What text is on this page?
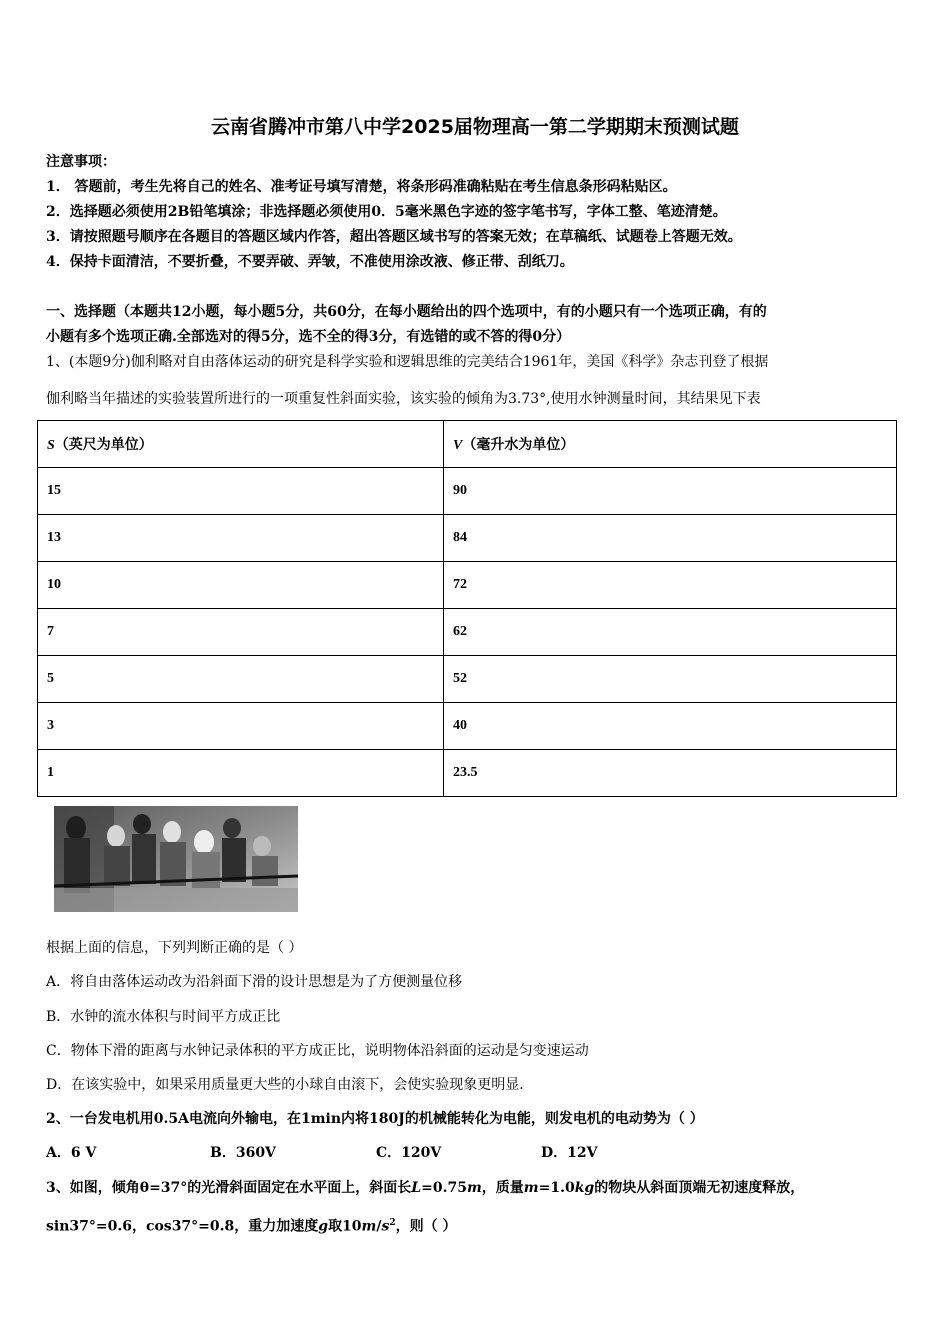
云南省腾冲市第八中学2025届物理高一第二学期期末预测试题
注意事项：
1． 答题前，考生先将自己的姓名、准考证号填写清楚，将条形码准确粘贴在考生信息条形码粘贴区。
2．选择题必须使用2B铅笔填涂；非选择题必须使用0．5毫米黑色字迹的签字笔书写，字体工整、笔迹清楚。
3．请按照题号顺序在各题目的答题区域内作答，超出答题区域书写的答案无效；在草稿纸、试题卷上答题无效。
4．保持卡面清洁，不要折叠，不要弄破、弄皱，不准使用涂改液、修正带、刮纸刀。
一、选择题（本题共12小题，每小题5分，共60分，在每小题给出的四个选项中，有的小题只有一个选项正确，有的
小题有多个选项正确.全部选对的得5分，选不全的得3分，有选错的或不答的得0分）
1、(本题9分)伽利略对自由落体运动的研究是科学实验和逻辑思维的完美结合1961年，美国《科学》杂志刊登了根据
伽利略当年描述的实验装置所进行的一项重复性斜面实验，该实验的倾角为3.73°,使用水钟测量时间，其结果见下表
S（英尺为单位）	V（毫升水为单位）
15	90
13	84
10	72
7	62
5	52
3	40
1	23.5
根据上面的信息，下列判断正确的是（ ）
A．将自由落体运动改为沿斜面下滑的设计思想是为了方便测量位移
B．水钟的流水体积与时间平方成正比
C．物体下滑的距离与水钟记录体积的平方成正比，说明物体沿斜面的运动是匀变速运动
D．在该实验中，如果采用质量更大些的小球自由滚下，会使实验现象更明显．
2、一台发电机用0.5A电流向外输电，在1min内将180J的机械能转化为电能，则发电机的电动势为（ ）
A．6 V	B．360V	C．120V	D．12V
3、如图，倾角θ=37°的光滑斜面固定在水平面上，斜面长L=0.75m，质量m=1.0kg的物块从斜面顶端无初速度释放，
sin37°=0.6，cos37°=0.8，重力加速度g取$10m/s^2$，则（ ）
